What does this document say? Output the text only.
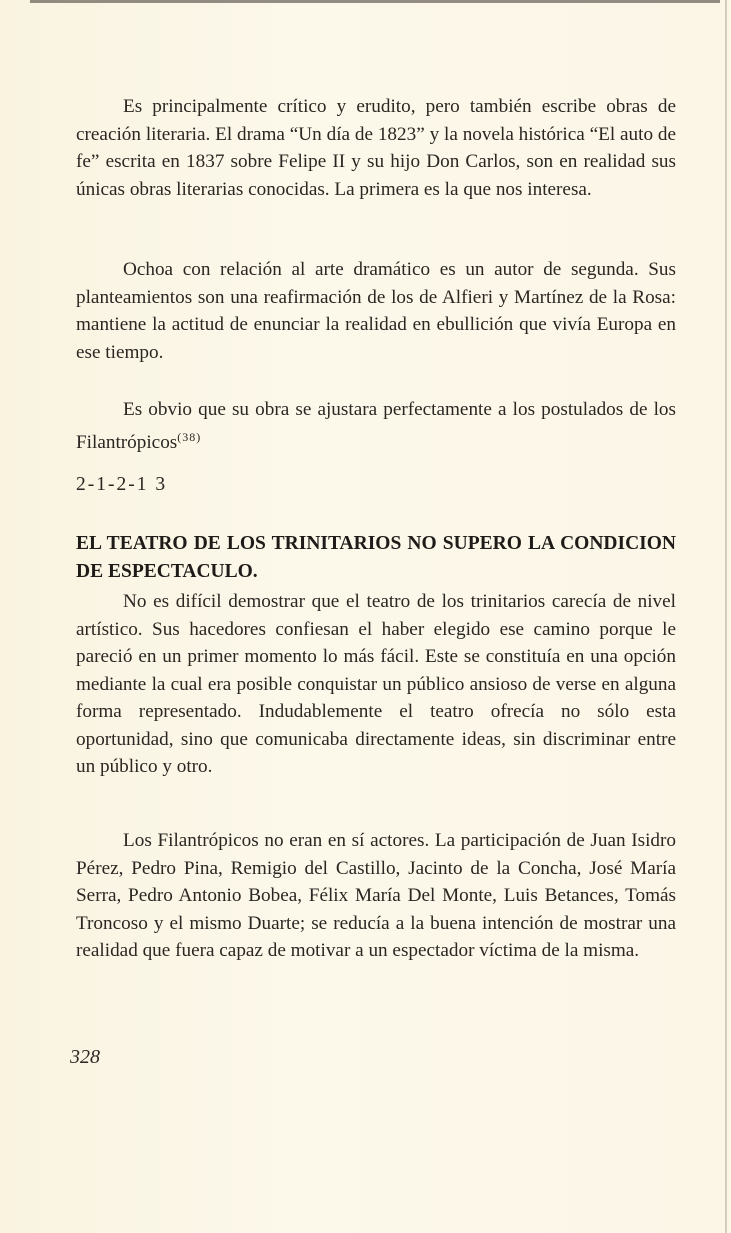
Es principalmente crítico y erudito, pero también escribe obras de creación literaria. El drama “Un día de 1823” y la novela histórica “El auto de fe” escrita en 1837 sobre Felipe II y su hijo Don Carlos, son en realidad sus únicas obras literarias conocidas. La primera es la que nos interesa.

Ochoa con relación al arte dramático es un autor de segunda. Sus planteamientos son una reafirmación de los de Alfieri y Martínez de la Rosa: mantiene la actitud de enunciar la realidad en ebullición que vivía Europa en ese tiempo.

Es obvio que su obra se ajustara perfectamente a los postulados de los Filantrópicos$^{(38)}$

2-1-2-1 3

EL TEATRO DE LOS TRINITARIOS NO SUPERO LA CONDICION DE ESPECTACULO.

No es difícil demostrar que el teatro de los trinitarios carecía de nivel artístico. Sus hacedores confiesan el haber elegido ese camino porque le pareció en un primer momento lo más fácil. Este se constituía en una opción mediante la cual era posible conquistar un público ansioso de verse en alguna forma representado. Indudablemente el teatro ofrecía no sólo esta oportunidad, sino que comunicaba directamente ideas, sin discriminar entre un público y otro.

Los Filantrópicos no eran en sí actores. La participación de Juan Isidro Pérez, Pedro Pina, Remigio del Castillo, Jacinto de la Concha, José María Serra, Pedro Antonio Bobea, Félix María Del Monte, Luis Betances, Tomás Troncoso y el mismo Duarte; se reducía a la buena intención de mostrar una realidad que fuera capaz de motivar a un espectador víctima de la misma.

328
